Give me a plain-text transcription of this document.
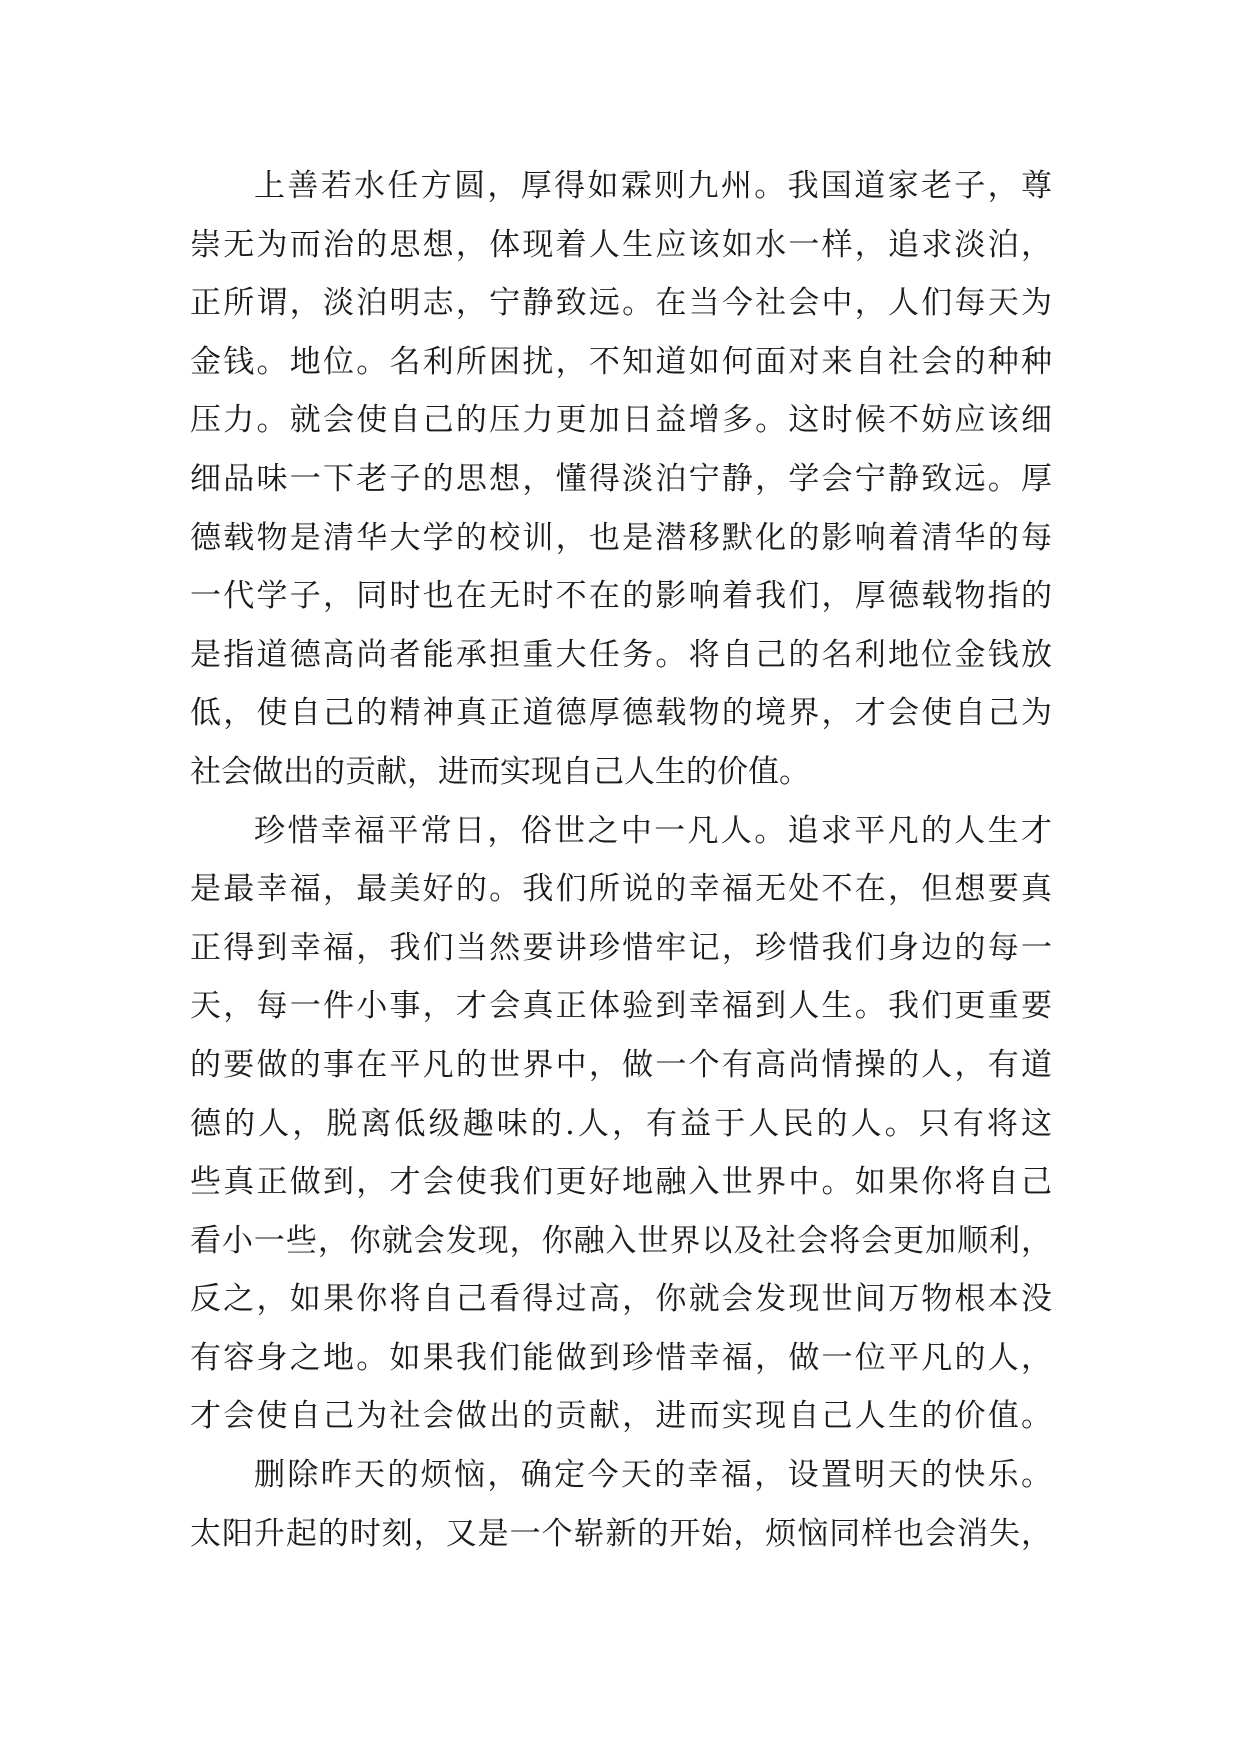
上善若水任方圆，厚得如霖则九州。我国道家老子，尊
崇无为而治的思想，体现着人生应该如水一样，追求淡泊，
正所谓，淡泊明志，宁静致远。在当今社会中，人们每天为
金钱。地位。名利所困扰，不知道如何面对来自社会的种种
压力。就会使自己的压力更加日益增多。这时候不妨应该细
细品味一下老子的思想，懂得淡泊宁静，学会宁静致远。厚
德载物是清华大学的校训，也是潜移默化的影响着清华的每
一代学子，同时也在无时不在的影响着我们，厚德载物指的
是指道德高尚者能承担重大任务。将自己的名利地位金钱放
低，使自己的精神真正道德厚德载物的境界，才会使自己为
社会做出的贡献，进而实现自己人生的价值。
珍惜幸福平常日，俗世之中一凡人。追求平凡的人生才
是最幸福，最美好的。我们所说的幸福无处不在，但想要真
正得到幸福，我们当然要讲珍惜牢记，珍惜我们身边的每一
天，每一件小事，才会真正体验到幸福到人生。我们更重要
的要做的事在平凡的世界中，做一个有高尚情操的人，有道
德的人，脱离低级趣味的.人，有益于人民的人。只有将这
些真正做到，才会使我们更好地融入世界中。如果你将自己
看小一些，你就会发现，你融入世界以及社会将会更加顺利，
反之，如果你将自己看得过高，你就会发现世间万物根本没
有容身之地。如果我们能做到珍惜幸福，做一位平凡的人，
才会使自己为社会做出的贡献，进而实现自己人生的价值。
删除昨天的烦恼，确定今天的幸福，设置明天的快乐。
太阳升起的时刻，又是一个崭新的开始，烦恼同样也会消失，
